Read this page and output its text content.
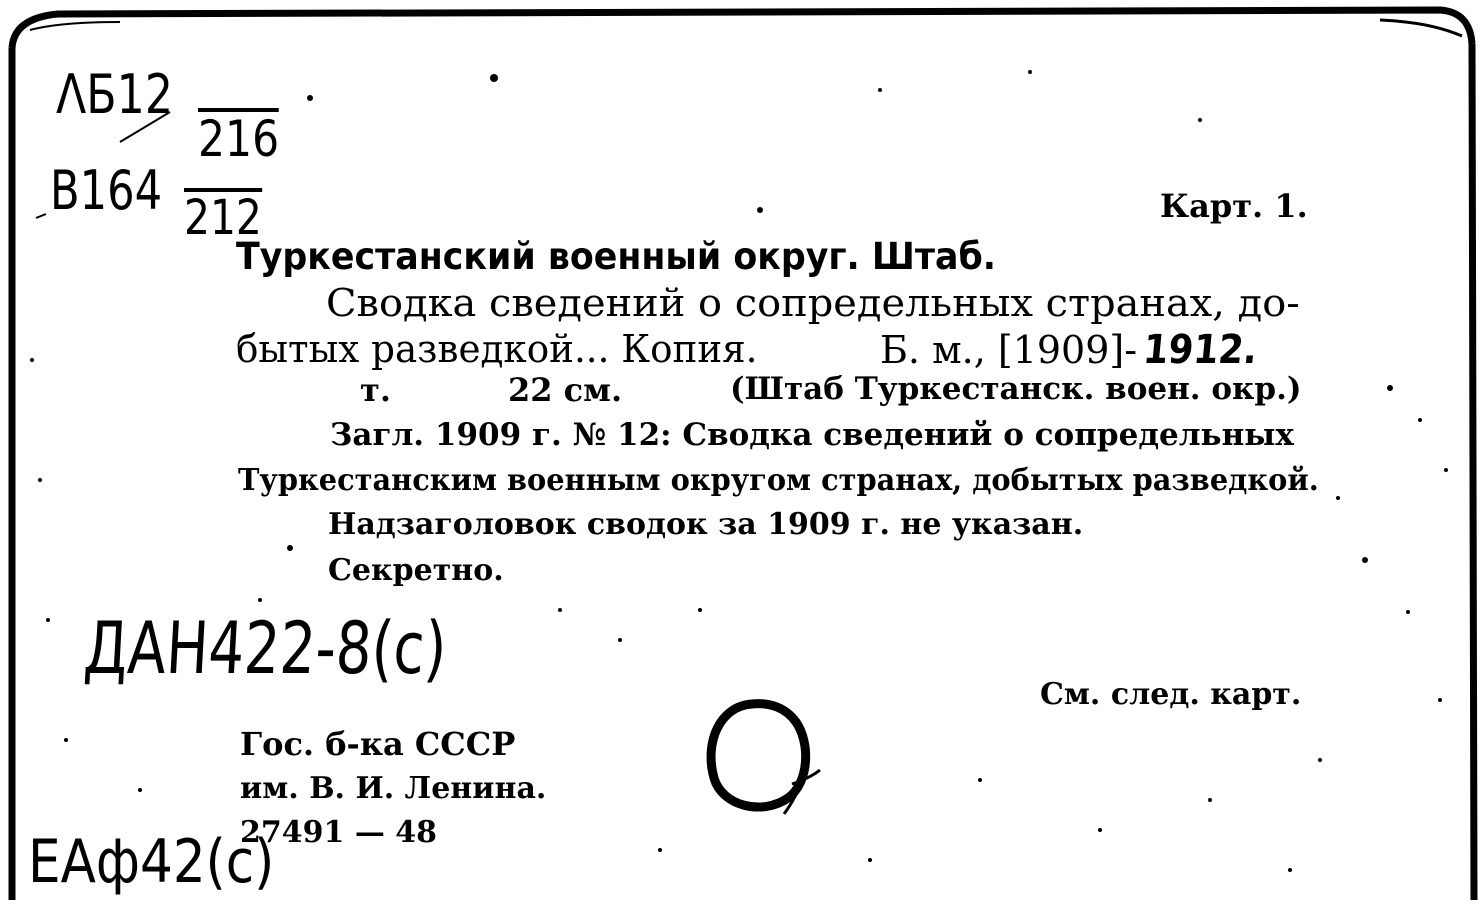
ΛБ12
216
В164 212	Карт. 1.
Туркестанский военный округ. Штаб.
Сводка сведений о сопредельных странах, до-
бытых разведкой... Копия.	Б. м., [1909]- 1912.
т.	22 см.	(Штаб Туркестанск. воен. окр.)
Загл. 1909 г. № 12: Сводка сведений о сопредельных
Туркестанским военным округом странах, добытых разведкой.
Надзаголовок сводок за 1909 г. не указан.
Секретно.
ДАН422-8(с)
См. след. карт.
Гос. б-ка СССР
им. В. И. Ленина.
27491 — 48
ЕАф42(с)
